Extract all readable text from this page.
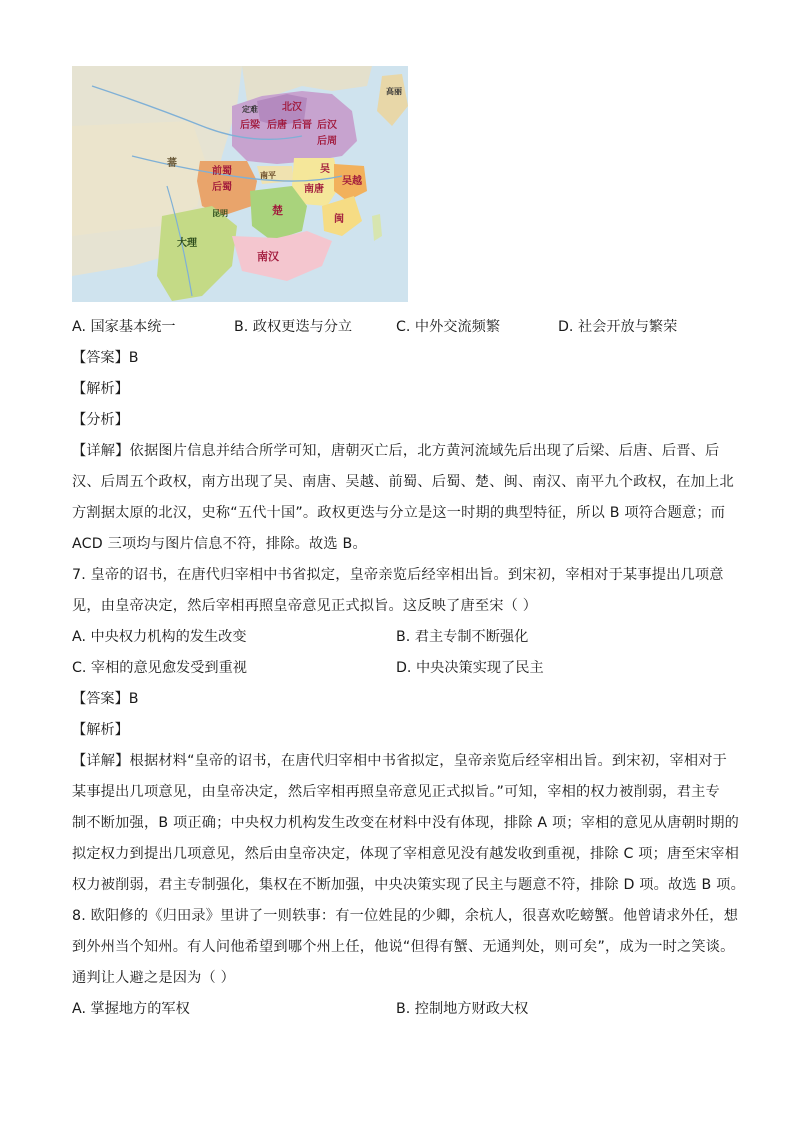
北汉
后梁 后唐 后晋 后汉
后周
前蜀
后蜀
吴
南唐
吴越
闽
楚
南汉
南平
大理
昆明
蕃
定难
高丽
A. 国家基本统一	B. 政权更迭与分立	C. 中外交流频繁	D. 社会开放与繁荣
【答案】B
【解析】
【分析】
【详解】依据图片信息并结合所学可知，唐朝灭亡后，北方黄河流域先后出现了后梁、后唐、后晋、后
汉、后周五个政权，南方出现了吴、南唐、吴越、前蜀、后蜀、楚、闽、南汉、南平九个政权，在加上北
方割据太原的北汉，史称“五代十国”。政权更迭与分立是这一时期的典型特征，所以 B 项符合题意；而
ACD 三项均与图片信息不符，排除。故选 B。
7. 皇帝的诏书，在唐代归宰相中书省拟定，皇帝亲览后经宰相出旨。到宋初，宰相对于某事提出几项意
见，由皇帝决定，然后宰相再照皇帝意见正式拟旨。这反映了唐至宋（ ）
A. 中央权力机构的发生改变	B. 君主专制不断强化
C. 宰相的意见愈发受到重视	D. 中央决策实现了民主
【答案】B
【解析】
【详解】根据材料“皇帝的诏书，在唐代归宰相中书省拟定，皇帝亲览后经宰相出旨。到宋初，宰相对于
某事提出几项意见，由皇帝决定，然后宰相再照皇帝意见正式拟旨。”可知，宰相的权力被削弱，君主专
制不断加强，B 项正确；中央权力机构发生改变在材料中没有体现，排除 A 项；宰相的意见从唐朝时期的
拟定权力到提出几项意见，然后由皇帝决定，体现了宰相意见没有越发收到重视，排除 C 项；唐至宋宰相
权力被削弱，君主专制强化，集权在不断加强，中央决策实现了民主与题意不符，排除 D 项。故选 B 项。
8. 欧阳修的《归田录》里讲了一则轶事：有一位姓昆的少卿，余杭人，很喜欢吃螃蟹。他曾请求外任，想
到外州当个知州。有人问他希望到哪个州上任，他说“但得有蟹、无通判处，则可矣”，成为一时之笑谈。
通判让人避之是因为（ ）
A. 掌握地方的军权	B. 控制地方财政大权
